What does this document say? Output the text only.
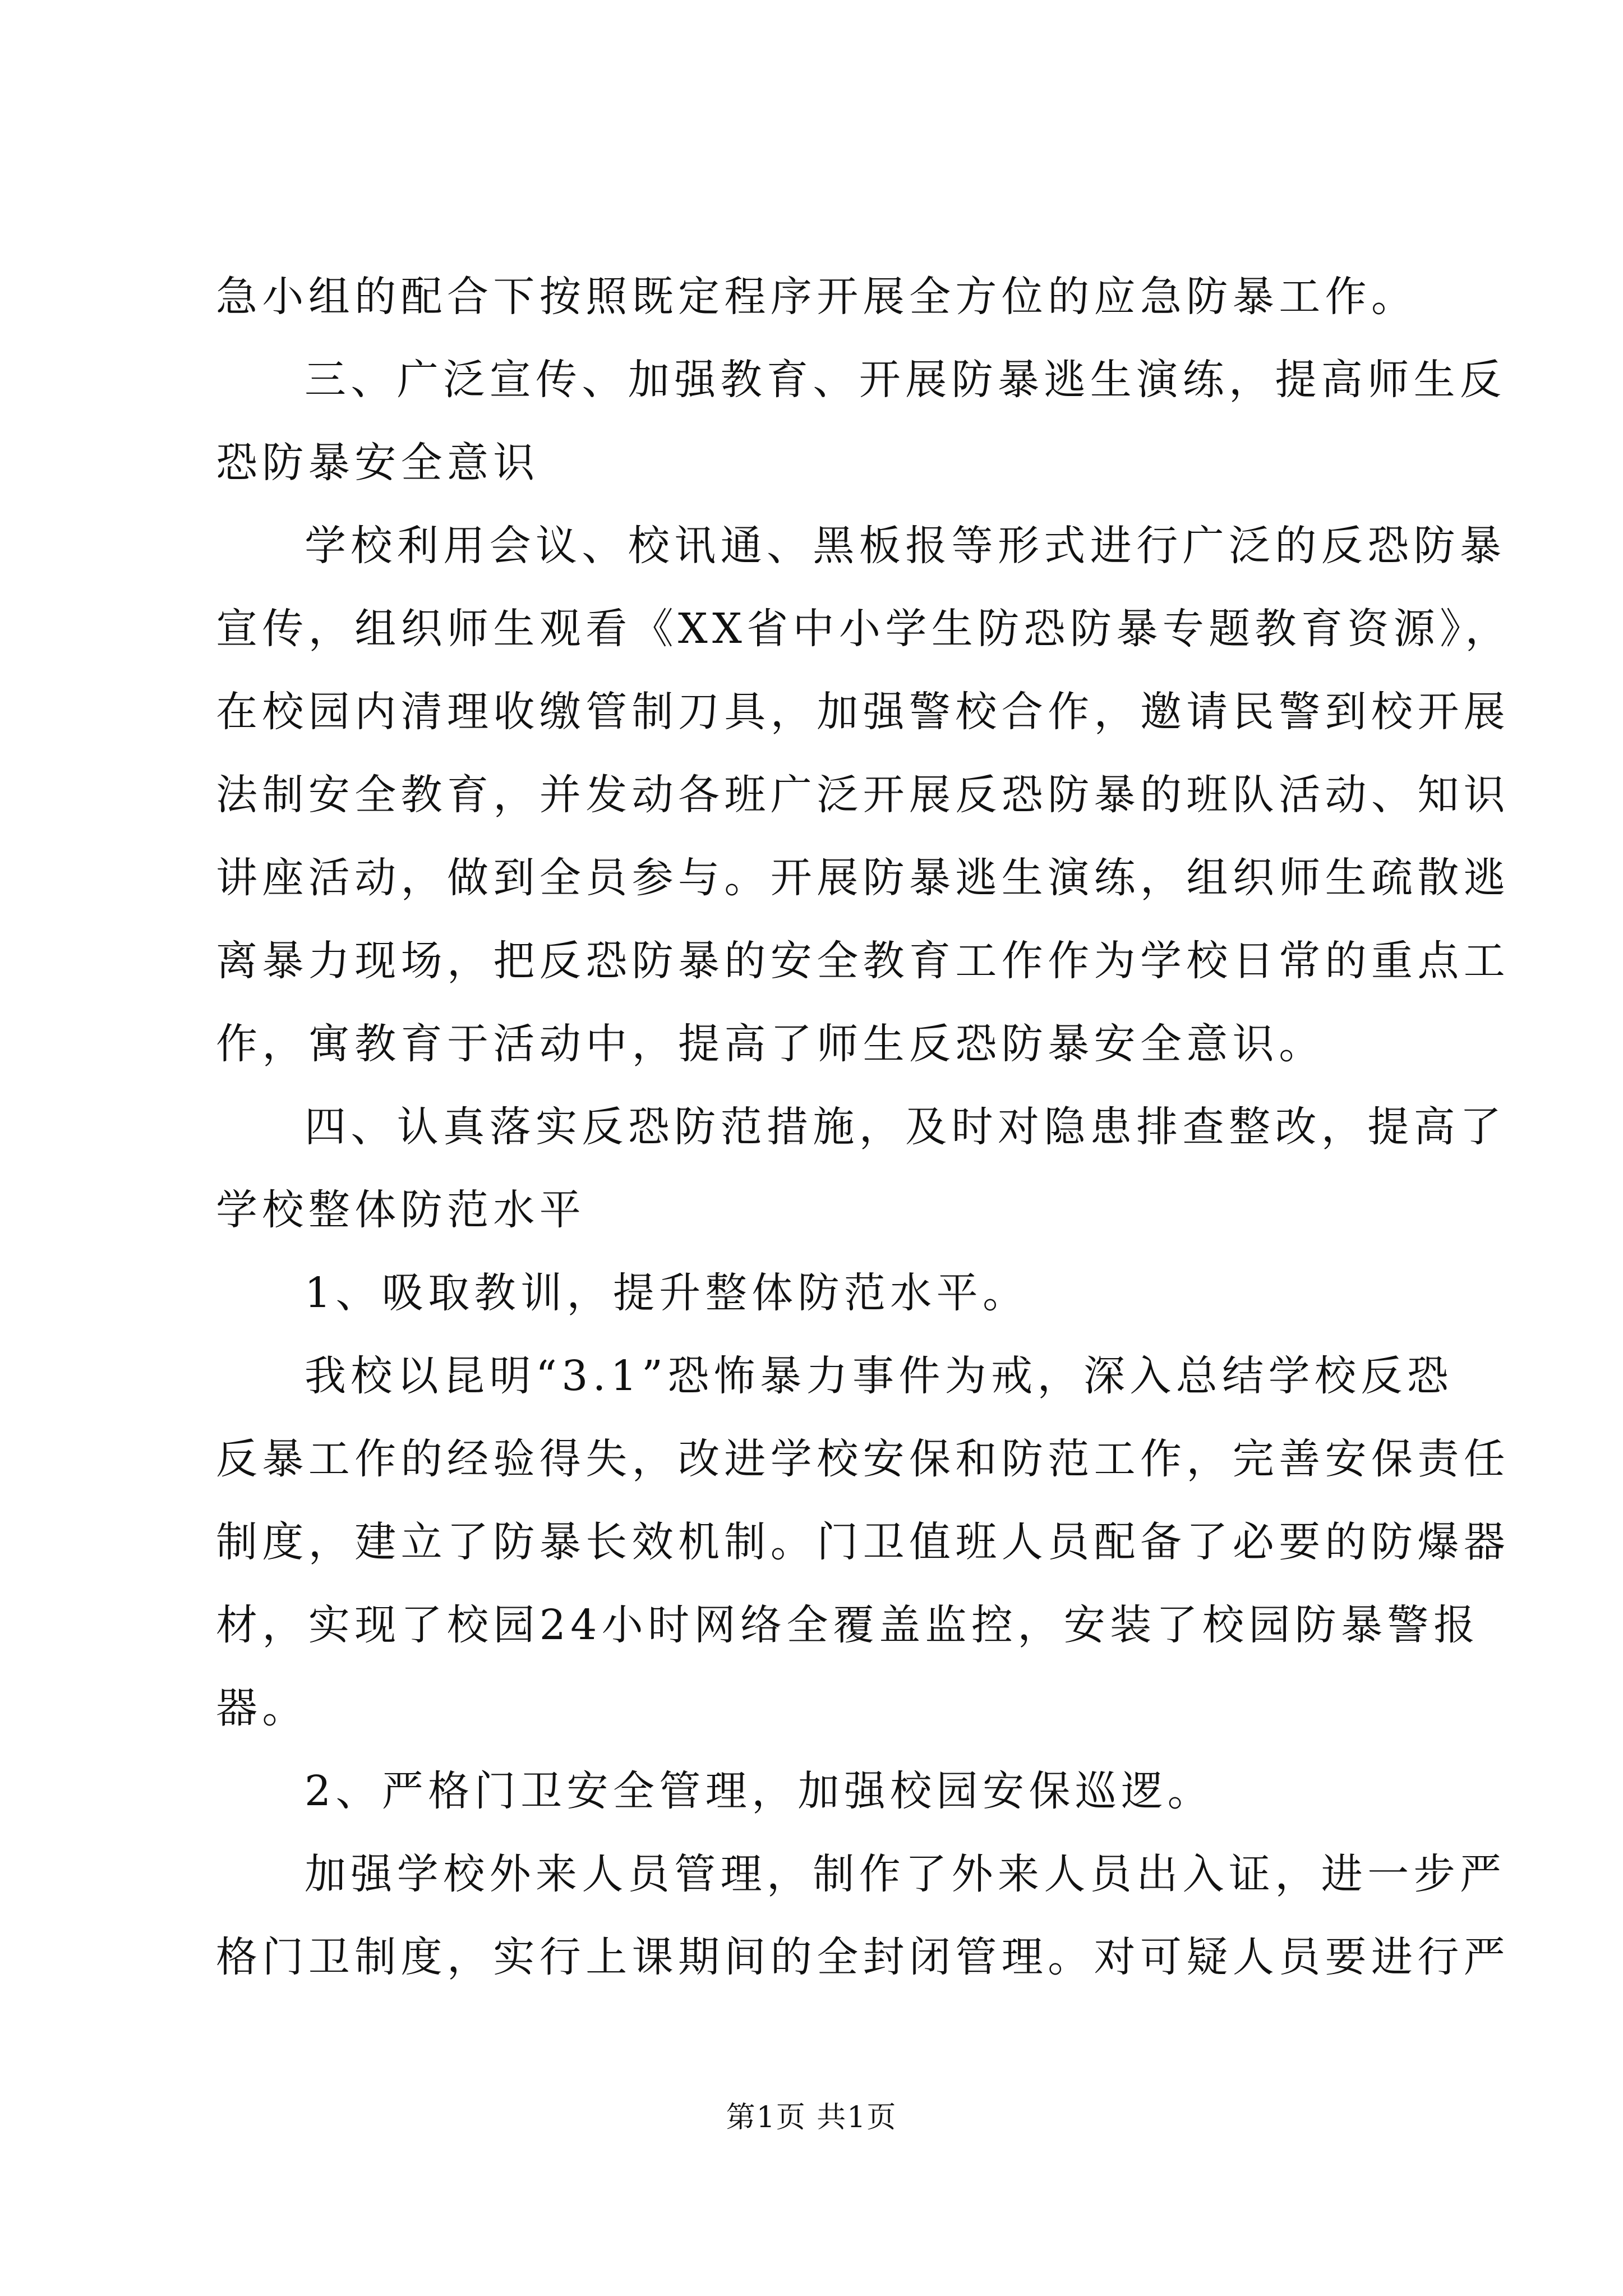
急小组的配合下按照既定程序开展全方位的应急防暴工作。
三、广泛宣传、加强教育、开展防暴逃生演练，提高师生反
恐防暴安全意识
学校利用会议、校讯通、黑板报等形式进行广泛的反恐防暴
宣传，组织师生观看《XX省中小学生防恐防暴专题教育资源》，
在校园内清理收缴管制刀具，加强警校合作，邀请民警到校开展
法制安全教育，并发动各班广泛开展反恐防暴的班队活动、知识
讲座活动，做到全员参与。开展防暴逃生演练，组织师生疏散逃
离暴力现场，把反恐防暴的安全教育工作作为学校日常的重点工
作，寓教育于活动中，提高了师生反恐防暴安全意识。
四、认真落实反恐防范措施，及时对隐患排查整改，提高了
学校整体防范水平
1、吸取教训，提升整体防范水平。
我校以昆明“3.1”恐怖暴力事件为戒，深入总结学校反恐
反暴工作的经验得失，改进学校安保和防范工作，完善安保责任
制度，建立了防暴长效机制。门卫值班人员配备了必要的防爆器
材，实现了校园24小时网络全覆盖监控，安装了校园防暴警报
器。
2、严格门卫安全管理，加强校园安保巡逻。
加强学校外来人员管理，制作了外来人员出入证，进一步严
格门卫制度，实行上课期间的全封闭管理。对可疑人员要进行严
第1页 共1页
